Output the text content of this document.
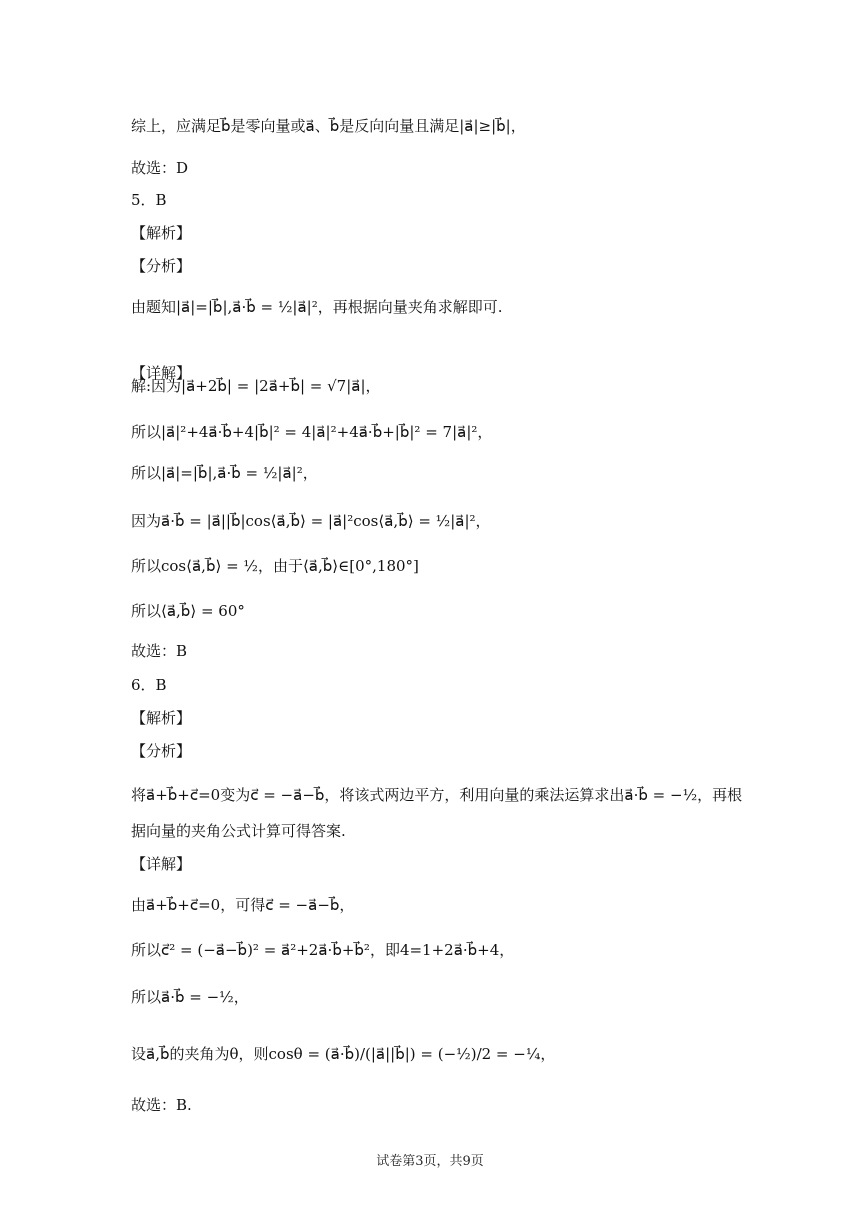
综上，应满足b⃗是零向量或a⃗、b⃗是反向向量且满足|a⃗|≥|b⃗|，
故选：D
5．B
【解析】
【分析】
由题知|a⃗|=|b⃗|,a⃗·b⃗ = ½|a⃗|²，再根据向量夹角求解即可.
【详解】
解:因为|a⃗+2b⃗| = |2a⃗+b⃗| = √7|a⃗|，
所以|a⃗|²+4a⃗·b⃗+4|b⃗|² = 4|a⃗|²+4a⃗·b⃗+|b⃗|² = 7|a⃗|²，
所以|a⃗|=|b⃗|,a⃗·b⃗ = ½|a⃗|²，
因为a⃗·b⃗ = |a⃗||b⃗|cos⟨a⃗,b⃗⟩ = |a⃗|²cos⟨a⃗,b⃗⟩ = ½|a⃗|²，
所以cos⟨a⃗,b⃗⟩ = ½，由于⟨a⃗,b⃗⟩∈[0°,180°]
所以⟨a⃗,b⃗⟩ = 60°
故选：B
6．B
【解析】
【分析】
将a⃗+b⃗+c⃗=0变为c⃗ = −a⃗−b⃗，将该式两边平方，利用向量的乘法运算求出a⃗·b⃗ = −½，再根
据向量的夹角公式计算可得答案.
【详解】
由a⃗+b⃗+c⃗=0，可得c⃗ = −a⃗−b⃗，
所以c⃗² = (−a⃗−b⃗)² = a⃗²+2a⃗·b⃗+b⃗²，即4=1+2a⃗·b⃗+4，
所以a⃗·b⃗ = −½，
设a⃗,b⃗的夹角为θ，则cosθ = (a⃗·b⃗)/(|a⃗||b⃗|) = (−½)/2 = −¼，
故选：B.
试卷第3页，共9页
